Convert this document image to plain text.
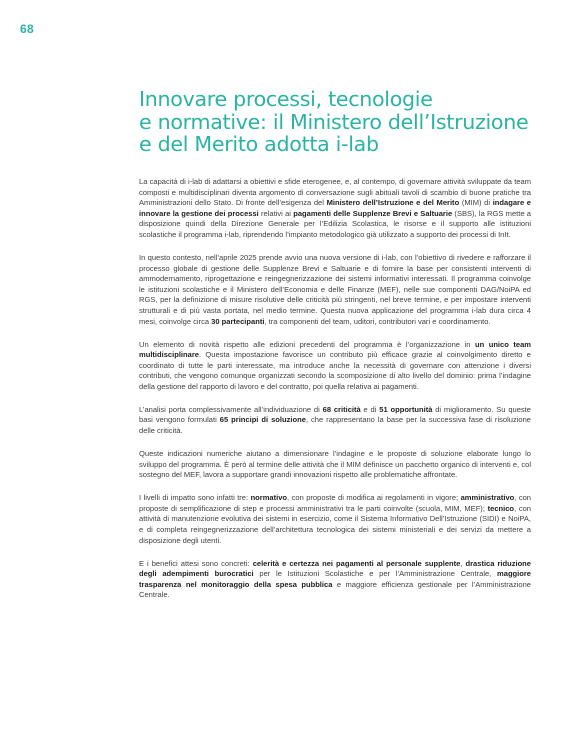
68
Innovare processi, tecnologie
e normative: il Ministero dell’Istruzione
e del Merito adotta i-lab

La capacità di i-lab di adattarsi a obiettivi e sfide eterogenee, e, al contempo, di governare attività sviluppate da team composti e multidisciplinari diventa argomento di conversazione sugli abituali tavoli di scambio di buone pratiche tra Amministrazioni dello Stato. Di fronte dell’esigenza del Ministero dell’Istruzione e del Merito (MIM) di indagare e innovare la gestione dei processi relativi ai pagamenti delle Supplenze Brevi e Saltuarie (SBS), la RGS mette a disposizione quindi della Direzione Generale per l’Edilizia Scolastica, le risorse e il supporto alle istituzioni scolastiche il programma i-lab, riprendendo l’impianto metodologico già utilizzato a supporto dei processi di InIt.

In questo contesto, nell’aprile 2025 prende avvio una nuova versione di i-lab, con l’obiettivo di rivedere e rafforzare il processo globale di gestione delle Supplenze Brevi e Saltuarie e di fornire la base per consistenti interventi di ammodernamento, riprogettazione e reingegnerizzazione dei sistemi informativi interessati. Il programma coinvolge le istituzioni scolastiche e il Ministero dell’Economia e delle Finanze (MEF), nelle sue componenti DAG/NoiPA ed RGS, per la definizione di misure risolutive delle criticità più stringenti, nel breve termine, e per impostare interventi strutturali e di più vasta portata, nel medio termine. Questa nuova applicazione del programma i-lab dura circa 4 mesi, coinvolge circa 30 partecipanti, tra componenti del team, uditori, contributori vari e coordinamento.

Un elemento di novità rispetto alle edizioni precedenti del programma è l’organizzazione in un unico team multidisciplinare. Questa impostazione favorisce un contributo più efficace grazie al coinvolgimento diretto e coordinato di tutte le parti interessate, ma introduce anche la necessità di governare con attenzione i diversi contributi, che vengono comunque organizzati secondo la scomposizione di alto livello del dominio: prima l’indagine della gestione del rapporto di lavoro e del contratto, poi quella relativa ai pagamenti.

L’analisi porta complessivamente all’individuazione di 68 criticità e di 51 opportunità di miglioramento. Su queste basi vengono formulati 65 principi di soluzione, che rappresentano la base per la successiva fase di risoluzione delle criticità.

Queste indicazioni numeriche aiutano a dimensionare l’indagine e le proposte di soluzione elaborate lungo lo sviluppo del programma. È però al termine delle attività che il MIM definisce un pacchetto organico di interventi e, col sostegno del MEF, lavora a supportare grandi innovazioni rispetto alle problematiche affrontate.

I livelli di impatto sono infatti tre: normativo, con proposte di modifica ai regolamenti in vigore; amministrativo, con proposte di semplificazione di step e processi amministrativi tra le parti coinvolte (scuola, MIM, MEF); tecnico, con attività di manutenzione evolutiva dei sistemi in esercizio, come il Sistema Informativo Dell’Istruzione (SIDI) e NoiPA, e di completa reingegnerizzazione dell’architettura tecnologica dei sistemi ministeriali e dei servizi da mettere a disposizione degli utenti.

E i benefici attesi sono concreti: celerità e certezza nei pagamenti al personale supplente, drastica riduzione degli adempimenti burocratici per le Istituzioni Scolastiche e per l’Amministrazione Centrale, maggiore trasparenza nel monitoraggio della spesa pubblica e maggiore efficienza gestionale per l’Amministrazione Centrale.
